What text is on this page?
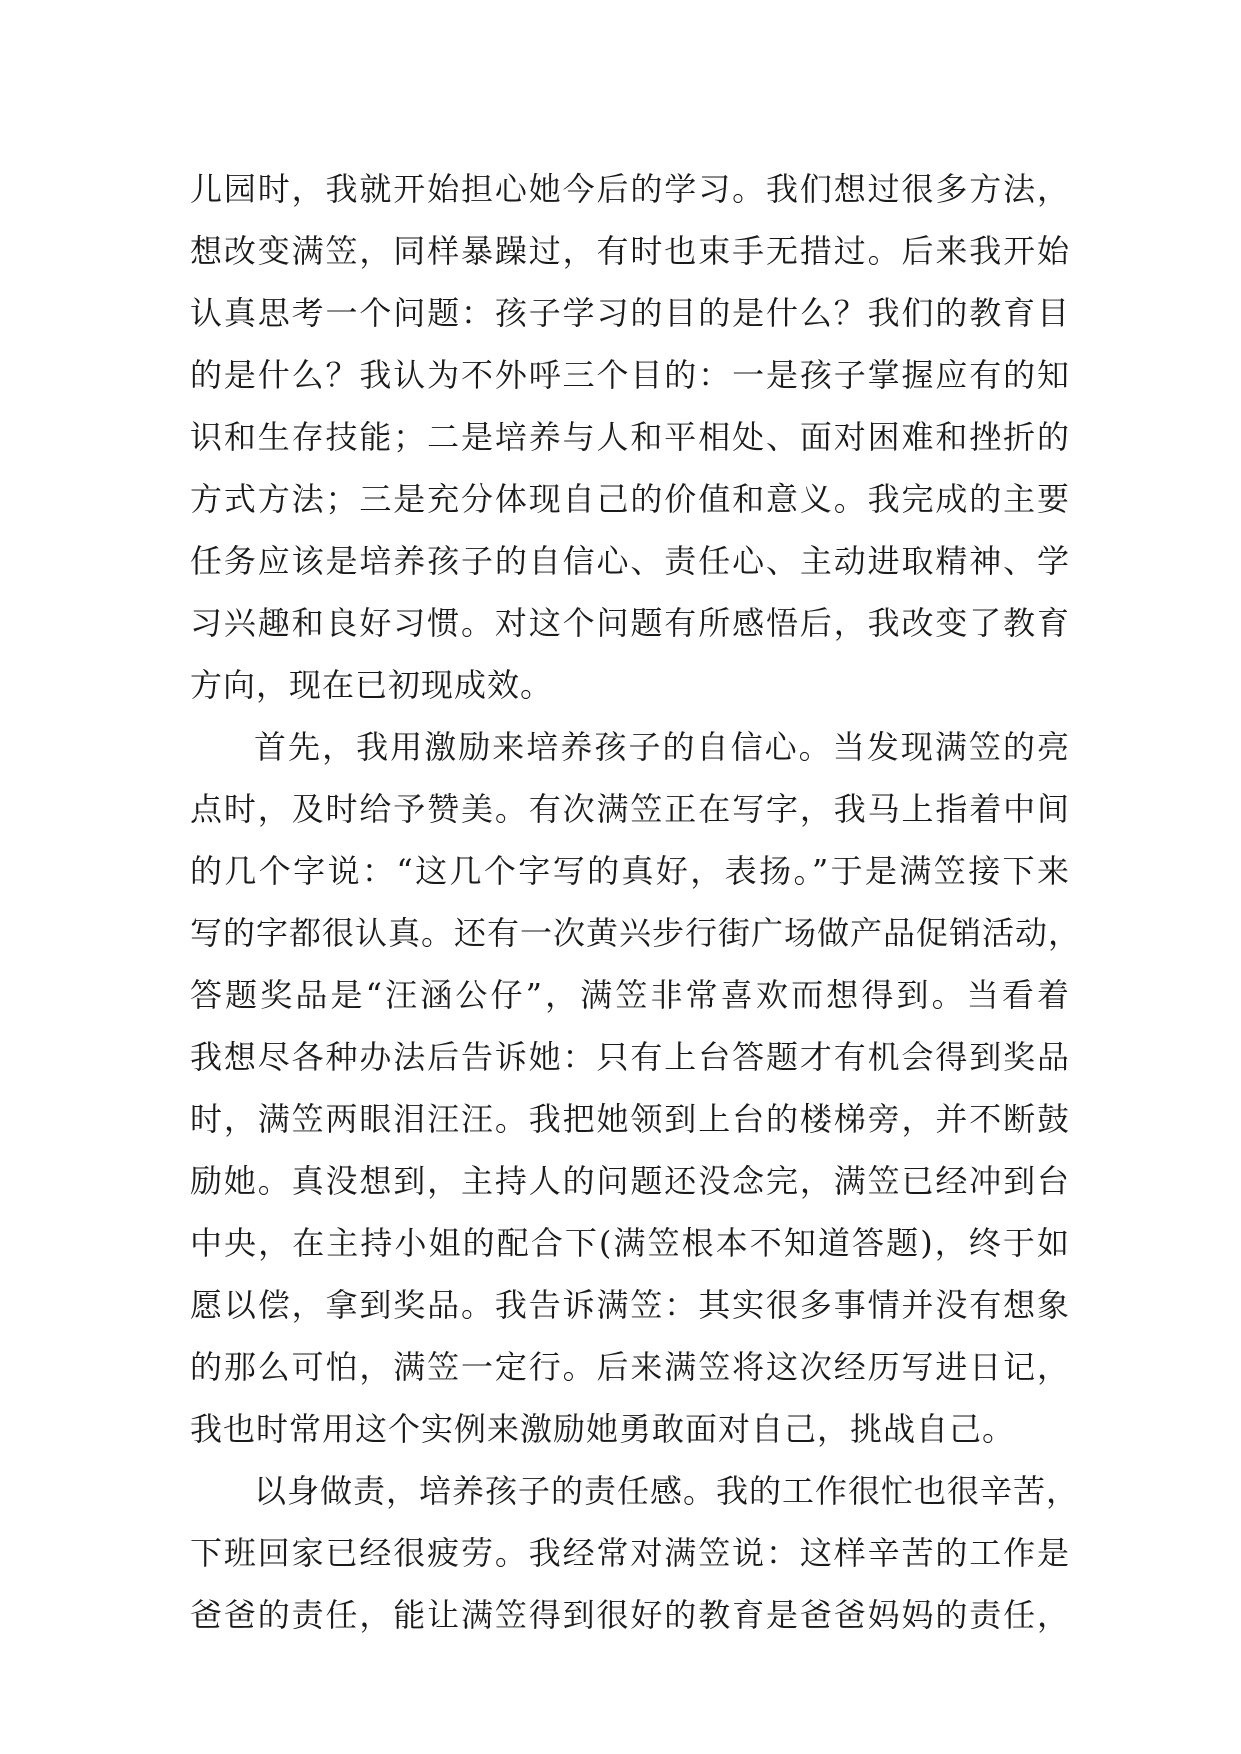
儿园时，我就开始担心她今后的学习。我们想过很多方法，
想改变满笠，同样暴躁过，有时也束手无措过。后来我开始
认真思考一个问题：孩子学习的目的是什么？我们的教育目
的是什么？我认为不外呼三个目的：一是孩子掌握应有的知
识和生存技能；二是培养与人和平相处、面对困难和挫折的
方式方法；三是充分体现自己的价值和意义。我完成的主要
任务应该是培养孩子的自信心、责任心、主动进取精神、学
习兴趣和良好习惯。对这个问题有所感悟后，我改变了教育
方向，现在已初现成效。
首先，我用激励来培养孩子的自信心。当发现满笠的亮
点时，及时给予赞美。有次满笠正在写字，我马上指着中间
的几个字说：“这几个字写的真好，表扬。”于是满笠接下来
写的字都很认真。还有一次黄兴步行街广场做产品促销活动，
答题奖品是“汪涵公仔”，满笠非常喜欢而想得到。当看着
我想尽各种办法后告诉她：只有上台答题才有机会得到奖品
时，满笠两眼泪汪汪。我把她领到上台的楼梯旁，并不断鼓
励她。真没想到，主持人的问题还没念完，满笠已经冲到台
中央，在主持小姐的配合下(满笠根本不知道答题)，终于如
愿以偿，拿到奖品。我告诉满笠：其实很多事情并没有想象
的那么可怕，满笠一定行。后来满笠将这次经历写进日记，
我也时常用这个实例来激励她勇敢面对自己，挑战自己。
以身做责，培养孩子的责任感。我的工作很忙也很辛苦，
下班回家已经很疲劳。我经常对满笠说：这样辛苦的工作是
爸爸的责任，能让满笠得到很好的教育是爸爸妈妈的责任，
